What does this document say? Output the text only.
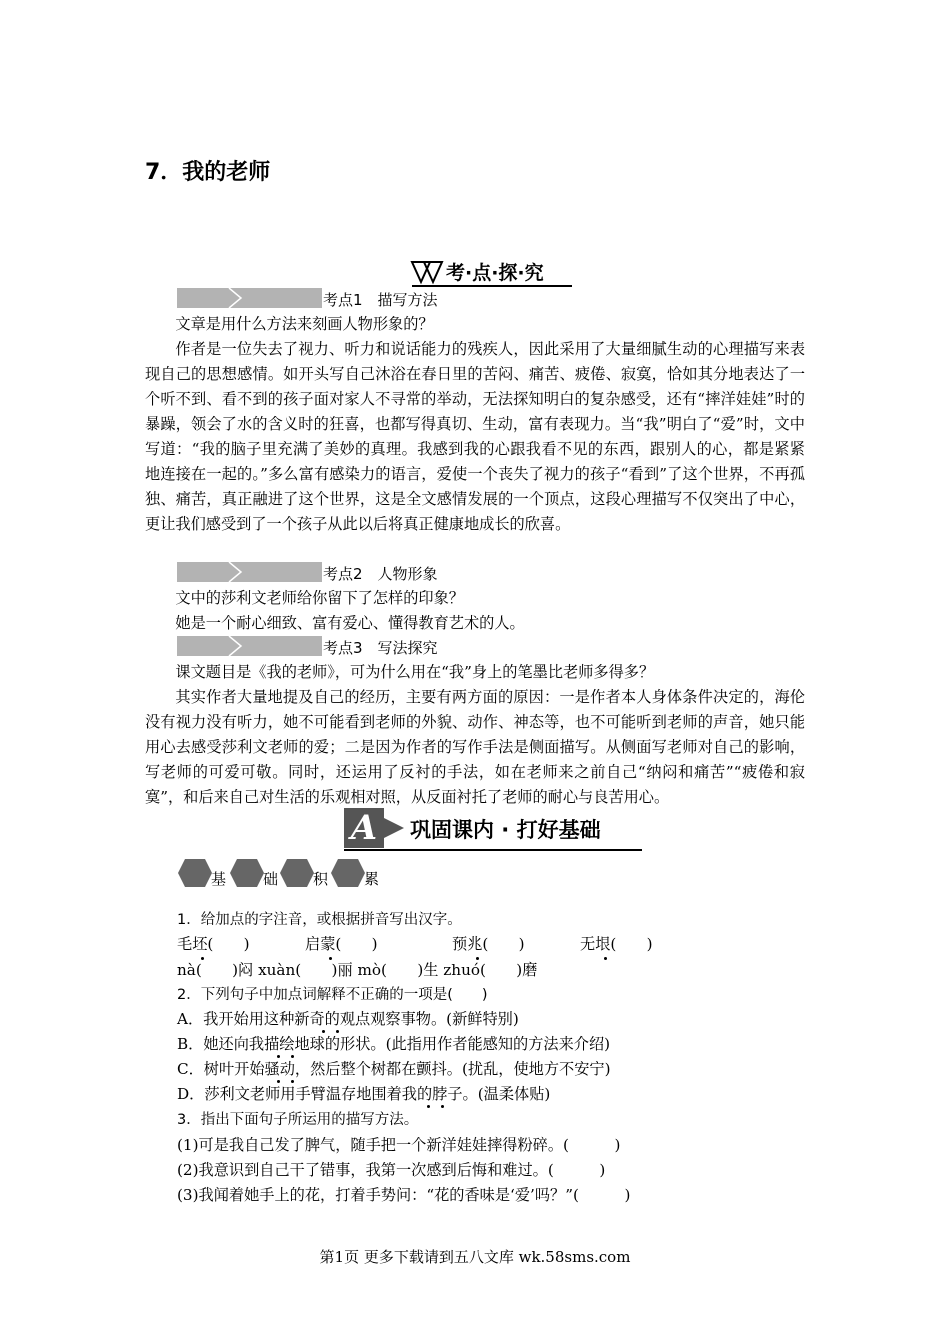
7．我的老师
考·点·探·究
考点1　描写方法
文章是用什么方法来刻画人物形象的？
作者是一位失去了视力、听力和说话能力的残疾人，因此采用了大量细腻生动的心理描写来表现自己的思想感情。如开头写自己沐浴在春日里的苦闷、痛苦、疲倦、寂寞，恰如其分地表达了一个听不到、看不到的孩子面对家人不寻常的举动，无法探知明白的复杂感受，还有“摔洋娃娃”时的暴躁，领会了水的含义时的狂喜，也都写得真切、生动，富有表现力。当“我”明白了“爱”时，文中写道：“我的脑子里充满了美妙的真理。我感到我的心跟我看不见的东西，跟别人的心，都是紧紧地连接在一起的。”多么富有感染力的语言，爱使一个丧失了视力的孩子“看到”了这个世界，不再孤独、痛苦，真正融进了这个世界，这是全文感情发展的一个顶点，这段心理描写不仅突出了中心，更让我们感受到了一个孩子从此以后将真正健康地成长的欣喜。
考点2　人物形象
文中的莎利文老师给你留下了怎样的印象？
她是一个耐心细致、富有爱心、懂得教育艺术的人。
考点3　写法探究
课文题目是《我的老师》，可为什么用在“我”身上的笔墨比老师多得多？
其实作者大量地提及自己的经历，主要有两方面的原因：一是作者本人身体条件决定的，海伦没有视力没有听力，她不可能看到老师的外貌、动作、神态等，也不可能听到老师的声音，她只能用心去感受莎利文老师的爱；二是因为作者的写作手法是侧面描写。从侧面写老师对自己的影响，写老师的可爱可敬。同时，还运用了反衬的手法，如在老师来之前自己“纳闷和痛苦”“疲倦和寂寞”，和后来自己对生活的乐观相对照，从反面衬托了老师的耐心与良苦用心。
A	巩固课内 · 打好基础
基 础 积 累
1．给加点的字注音，或根据拼音写出汉字。
毛坯(　　)	启蒙(　　)	预兆(　　)	无垠(　　)
nà(　　)闷 xuàn(　　)丽 mò(　　)生 zhuó(　　)磨
2．下列句子中加点词解释不正确的一项是(　　)
A．我开始用这种新奇的观点观察事物。(新鲜特别)
B．她还向我描绘地球的形状。(此指用作者能感知的方法来介绍)
C．树叶开始骚动，然后整个树都在颤抖。(扰乱，使地方不安宁)
D．莎利文老师用手臂温存地围着我的脖子。(温柔体贴)
3．指出下面句子所运用的描写方法。
(1)可是我自己发了脾气，随手把一个新洋娃娃摔得粉碎。(　　　)
(2)我意识到自己干了错事，我第一次感到后悔和难过。(　　　)
(3)我闻着她手上的花，打着手势问：“花的香味是‘爱’吗？”(　　　)
第1页 更多下载请到五八文库 wk.58sms.com
